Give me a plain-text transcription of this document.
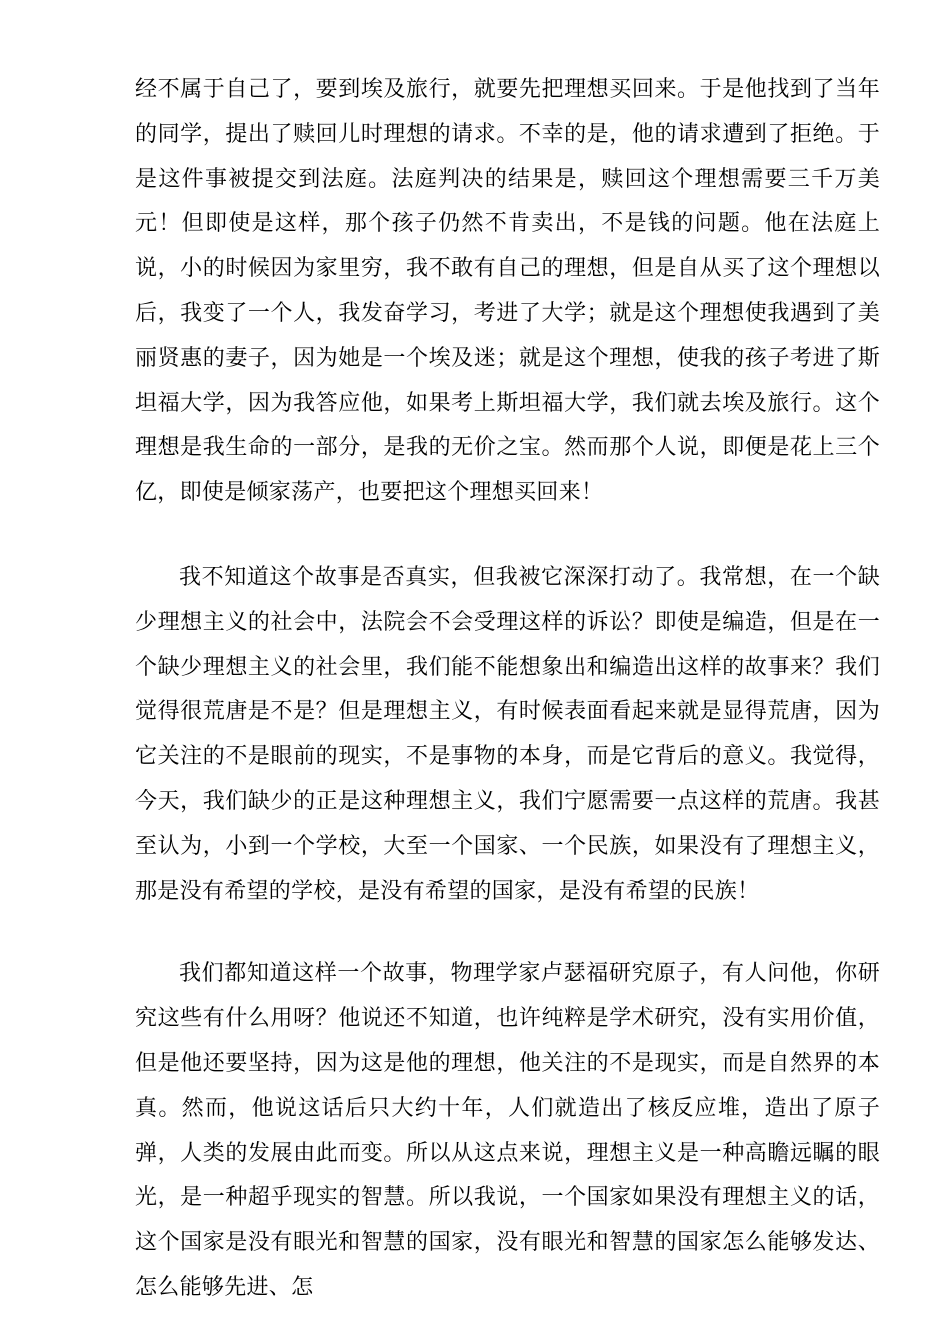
经不属于自己了，要到埃及旅行，就要先把理想买回来。于是他找到了当年的同学，提出了赎回儿时理想的请求。不幸的是，他的请求遭到了拒绝。于是这件事被提交到法庭。法庭判决的结果是，赎回这个理想需要三千万美元！但即使是这样，那个孩子仍然不肯卖出，不是钱的问题。他在法庭上说，小的时候因为家里穷，我不敢有自己的理想，但是自从买了这个理想以后，我变了一个人，我发奋学习，考进了大学；就是这个理想使我遇到了美丽贤惠的妻子，因为她是一个埃及迷；就是这个理想，使我的孩子考进了斯坦福大学，因为我答应他，如果考上斯坦福大学，我们就去埃及旅行。这个理想是我生命的一部分，是我的无价之宝。然而那个人说，即便是花上三个亿，即使是倾家荡产，也要把这个理想买回来！

我不知道这个故事是否真实，但我被它深深打动了。我常想，在一个缺少理想主义的社会中，法院会不会受理这样的诉讼？即使是编造，但是在一个缺少理想主义的社会里，我们能不能想象出和编造出这样的故事来？我们觉得很荒唐是不是？但是理想主义，有时候表面看起来就是显得荒唐，因为它关注的不是眼前的现实，不是事物的本身，而是它背后的意义。我觉得，今天，我们缺少的正是这种理想主义，我们宁愿需要一点这样的荒唐。我甚至认为，小到一个学校，大至一个国家、一个民族，如果没有了理想主义，那是没有希望的学校，是没有希望的国家，是没有希望的民族！

我们都知道这样一个故事，物理学家卢瑟福研究原子，有人问他，你研究这些有什么用呀？他说还不知道，也许纯粹是学术研究，没有实用价值，但是他还要坚持，因为这是他的理想，他关注的不是现实，而是自然界的本真。然而，他说这话后只大约十年，人们就造出了核反应堆，造出了原子弹，人类的发展由此而变。所以从这点来说，理想主义是一种高瞻远瞩的眼光，是一种超乎现实的智慧。所以我说，一个国家如果没有理想主义的话，这个国家是没有眼光和智慧的国家，没有眼光和智慧的国家怎么能够发达、怎么能够先进、怎
